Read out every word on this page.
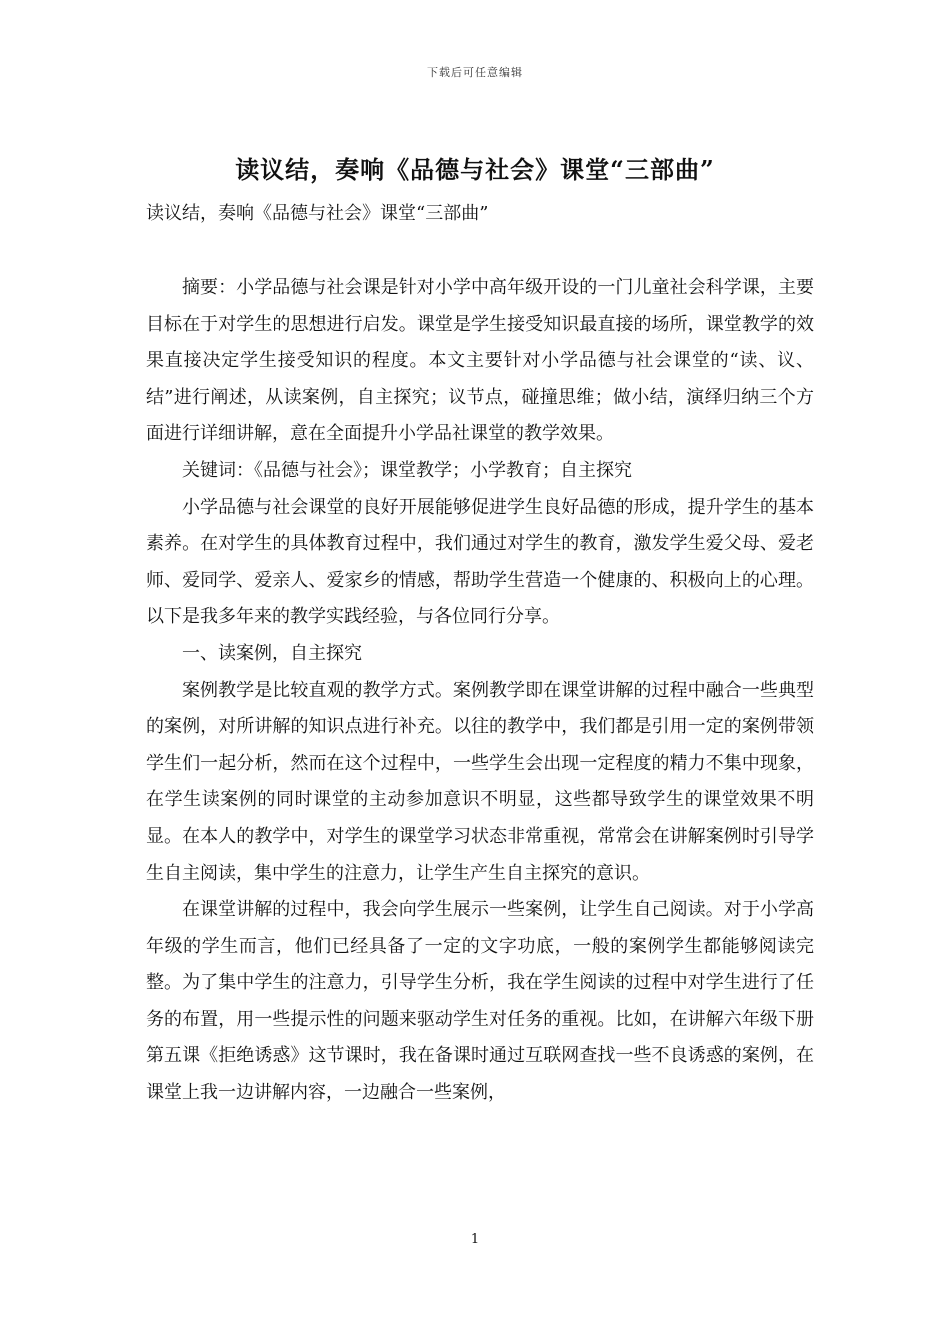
下载后可任意编辑
读议结，奏响《品德与社会》课堂“三部曲”
读议结，奏响《品德与社会》课堂“三部曲”

摘要：小学品德与社会课是针对小学中高年级开设的一门儿童社会科学课，主要目标在于对学生的思想进行启发。课堂是学生接受知识最直接的场所，课堂教学的效果直接决定学生接受知识的程度。本文主要针对小学品德与社会课堂的“读、议、结”进行阐述，从读案例，自主探究；议节点，碰撞思维；做小结，演绎归纳三个方面进行详细讲解，意在全面提升小学品社课堂的教学效果。

关键词：《品德与社会》；课堂教学；小学教育；自主探究

小学品德与社会课堂的良好开展能够促进学生良好品德的形成，提升学生的基本素养。在对学生的具体教育过程中，我们通过对学生的教育，激发学生爱父母、爱老师、爱同学、爱亲人、爱家乡的情感，帮助学生营造一个健康的、积极向上的心理。以下是我多年来的教学实践经验，与各位同行分享。

一、读案例，自主探究

案例教学是比较直观的教学方式。案例教学即在课堂讲解的过程中融合一些典型的案例，对所讲解的知识点进行补充。以往的教学中，我们都是引用一定的案例带领学生们一起分析，然而在这个过程中，一些学生会出现一定程度的精力不集中现象，在学生读案例的同时课堂的主动参加意识不明显，这些都导致学生的课堂效果不明显。在本人的教学中，对学生的课堂学习状态非常重视，常常会在讲解案例时引导学生自主阅读，集中学生的注意力，让学生产生自主探究的意识。

在课堂讲解的过程中，我会向学生展示一些案例，让学生自己阅读。对于小学高年级的学生而言，他们已经具备了一定的文字功底，一般的案例学生都能够阅读完整。为了集中学生的注意力，引导学生分析，我在学生阅读的过程中对学生进行了任务的布置，用一些提示性的问题来驱动学生对任务的重视。比如，在讲解六年级下册第五课《拒绝诱惑》这节课时，我在备课时通过互联网查找一些不良诱惑的案例，在课堂上我一边讲解内容，一边融合一些案例，

1
